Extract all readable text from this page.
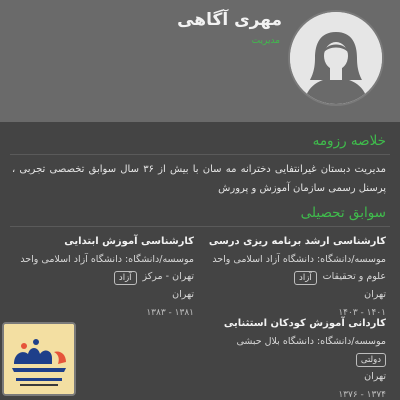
مهری آگاهی
مدیریت
خلاصه رزومه
مدیریت دبستان غیرانتفایی دخترانه مه سان با بیش از ۳۶ سال سوابق تخصصی تجربی ، پرسنل رسمی سازمان آموزش و پرورش
سوابق تحصیلی
کارشناسی ارشد برنامه ریزی درسی
موسسه/دانشگاه: دانشگاه آزاد اسلامی واحد
علوم و تحقیقات
آزاد
تهران
۱۴۰۱ - ۱۴۰۳
کارشناسی آموزش ابتدایی
موسسه/دانشگاه: دانشگاه آزاد اسلامی واحد
تهران - مرکز
آزاد
تهران
۱۳۸۱ - ۱۳۸۳
کاردانی آموزش کودکان استثنایی
موسسه/دانشگاه: دانشگاه بلال حبشی
دولتی
تهران
۱۳۷۴ - ۱۳۷۶
